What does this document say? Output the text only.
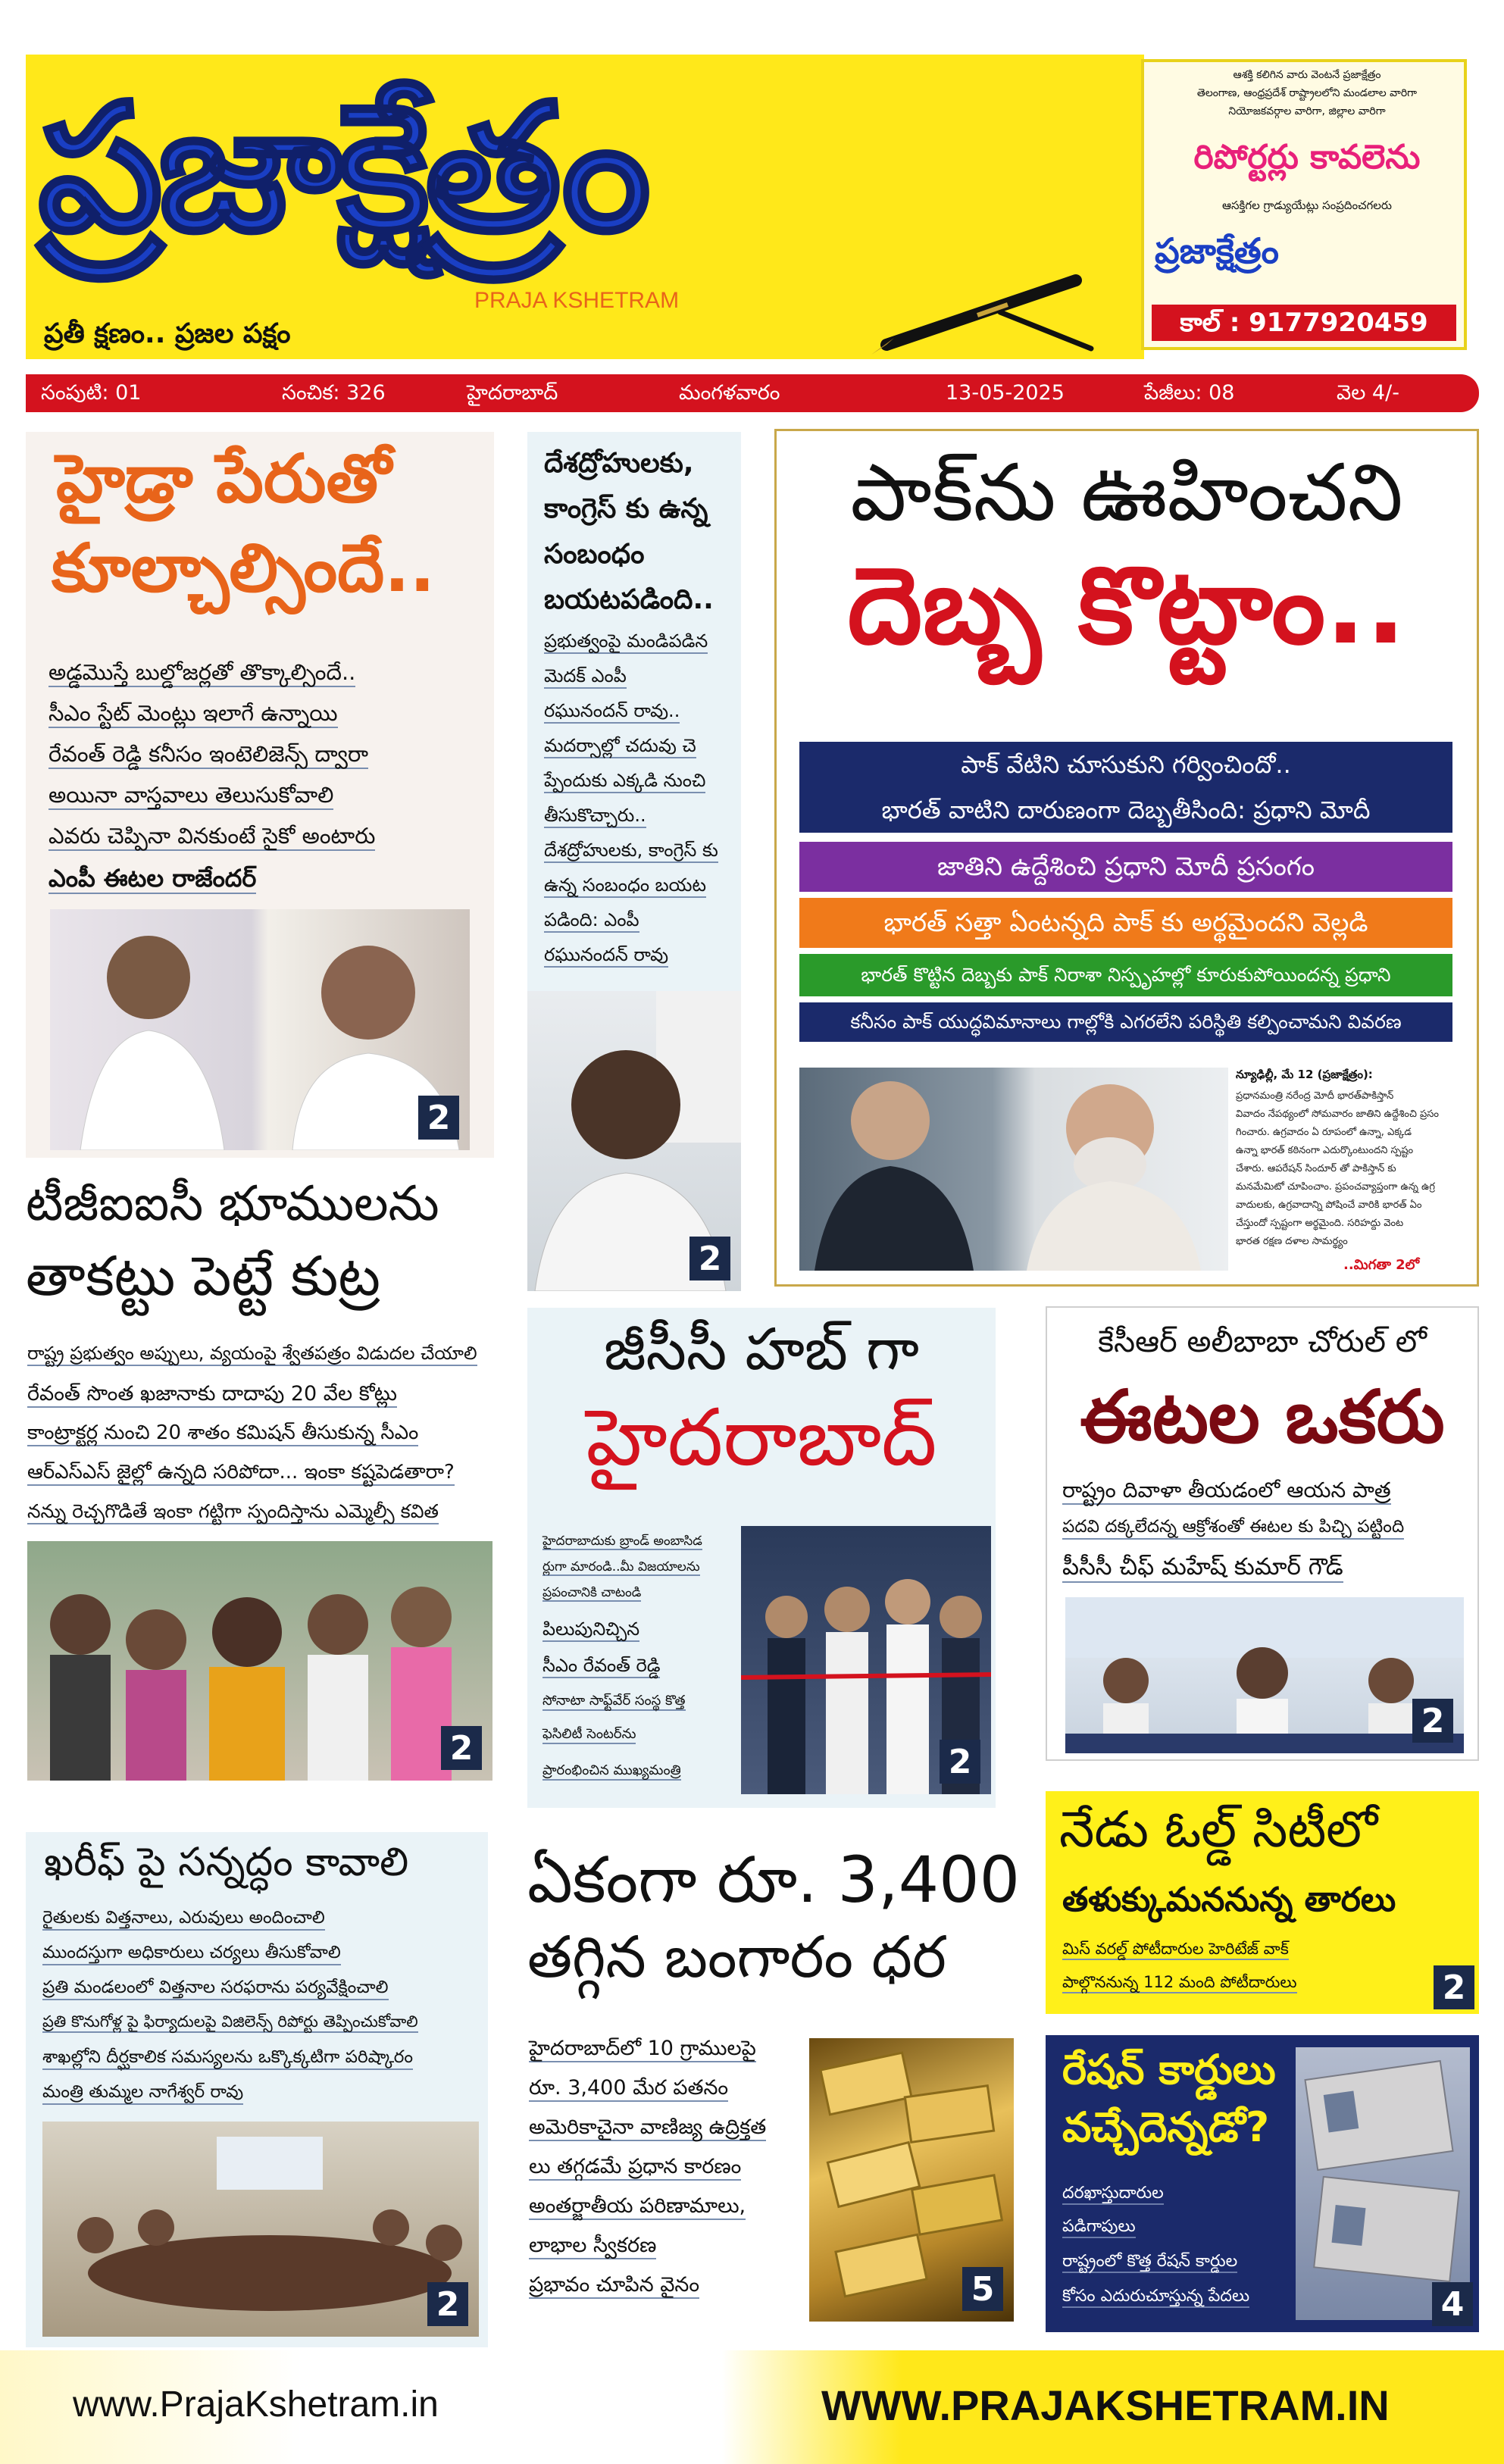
ప్రజాక్షేత్రం
PRAJA KSHETRAM
ప్రతీ క్షణం.. ప్రజల పక్షం
ఆశక్తి కలిగిన వారు వెంటనే ప్రజాక్షేత్రం
తెలంగాణ, ఆంధ్రప్రదేశ్ రాష్ట్రాలలోని మండలాల వారిగా
నియోజకవర్గాల వారిగా, జిల్లాల వారిగా
రిపోర్టర్లు కావలెను
ఆసక్తిగల గ్రాడ్యుయేట్లు సంప్రదించగలరు
ప్రజాక్షేత్రం
కాల్ : 9177920459
సంపుటి: 01	సంచిక: 326	హైదరాబాద్	మంగళవారం	13-05-2025	పేజీలు: 08	వెల 4/-
హైడ్రా పేరుతో
కూల్చాల్సిందే..
అడ్డమొస్తే బుల్డోజర్లతో తొక్కాల్సిందే..
సీఎం స్టేట్ మెంట్లు ఇలాగే ఉన్నాయి
రేవంత్ రెడ్డి కనీసం ఇంటెలిజెన్స్ ద్వారా
అయినా వాస్తవాలు తెలుసుకోవాలి
ఎవరు చెప్పినా వినకుంటే సైకో అంటారు
ఎంపీ ఈటల రాజేందర్
2
దేశద్రోహులకు,
కాంగ్రెస్ కు ఉన్న
సంబంధం
బయటపడింది..
ప్రభుత్వంపై మండిపడిన
మెదక్ ఎంపీ
రఘునందన్ రావు..
మదర్సాల్లో చదువు చె
ప్పేందుకు ఎక్కడి నుంచి
తీసుకొచ్చారు..
దేశద్రోహులకు, కాంగ్రెస్ కు
ఉన్న సంబంధం బయట
పడింది: ఎంపీ
రఘునందన్ రావు
2
పాక్‌ను ఊహించని
దెబ్బ కొట్టాం..
పాక్ వేటిని చూసుకుని గర్వించిందో..
భారత్ వాటిని దారుణంగా దెబ్బతీసింది: ప్రధాని మోదీ
జాతిని ఉద్దేశించి ప్రధాని మోదీ ప్రసంగం
భారత్ సత్తా ఏంటన్నది పాక్ కు అర్థమైందని వెల్లడి
భారత్ కొట్టిన దెబ్బకు పాక్ నిరాశా నిస్పృహల్లో కూరుకుపోయిందన్న ప్రధాని
కనీసం పాక్ యుద్ధవిమానాలు గాల్లోకి ఎగరలేని పరిస్థితి కల్పించామని వివరణ
న్యూఢిల్లీ, మే 12 (ప్రజాక్షేత్రం):
ప్రధానమంత్రి నరేంద్ర మోదీ భారత్‌పాకిస్తాన్
వివాదం నేపథ్యంలో సోమవారం జాతిని ఉద్దేశించి ప్రసం
గించారు. ఉగ్రవాదం ఏ రూపంలో ఉన్నా, ఎక్కడ
ఉన్నా భారత్ కఠినంగా ఎదుర్కొంటుందని స్పష్టం
చేశారు. ఆపరేషన్ సిందూర్ తో పాకిస్తాన్ కు
మనమేమిటో చూపించాం. ప్రపంచవ్యాప్తంగా ఉన్న ఉగ్ర
వాదులకు, ఉగ్రవాదాన్ని పోషించే వారికి భారత్ ఏం
చేస్తుందో స్పష్టంగా అర్థమైంది. సరిహద్దు వెంట
భారత రక్షణ దళాల సామర్థ్యం
..మిగతా 2లో
టీజీఐఐసీ భూములను
తాకట్టు పెట్టే కుట్ర
రాష్ట్ర ప్రభుత్వం అప్పులు, వ్యయంపై శ్వేతపత్రం విడుదల చేయాలి
రేవంత్ సొంత ఖజానాకు దాదాపు 20 వేల కోట్లు
కాంట్రాక్టర్ల నుంచి 20 శాతం కమిషన్ తీసుకున్న సీఎం
ఆర్ఎస్ఎస్ జైల్లో ఉన్నది సరిపోదా... ఇంకా కష్టపెడతారా?
నన్ను రెచ్చగొడితే ఇంకా గట్టిగా స్పందిస్తాను ఎమ్మెల్సీ కవిత
2
జీసీసీ హబ్ గా
హైదరాబాద్
హైదరాబాదుకు బ్రాండ్ అంబాసిడ
ర్లుగా మారండి..మీ విజయాలను
ప్రపంచానికి చాటండి
పిలుపునిచ్చిన
సీఎం రేవంత్ రెడ్డి
సోనాటా సాఫ్ట్‌వేర్ సంస్థ కొత్త
ఫెసిలిటీ సెంటర్‌ను
ప్రారంభించిన ముఖ్యమంత్రి	2
కేసీఆర్ అలీబాబా చోరుల్ లో
ఈటల ఒకరు
రాష్ట్రం దివాళా తీయడంలో ఆయన పాత్ర
పదవి దక్కలేదన్న ఆక్రోశంతో ఈటల కు పిచ్చి పట్టింది
పీసీసీ చీఫ్ మహేష్ కుమార్ గౌడ్
2
ఖరీఫ్ పై సన్నద్ధం కావాలి
రైతులకు విత్తనాలు, ఎరువులు అందించాలి
ముందస్తుగా అధికారులు చర్యలు తీసుకోవాలి
ప్రతి మండలంలో విత్తనాల సరఫరాను పర్యవేక్షించాలి
ప్రతి కొనుగోళ్ల పై ఫిర్యాదులపై విజిలెన్స్ రిపోర్టు తెప్పించుకోవాలి
శాఖల్లోని దీర్ఘకాలిక సమస్యలను ఒక్కొక్కటిగా పరిష్కారం
మంత్రి తుమ్మల నాగేశ్వర్ రావు
2
ఏకంగా రూ. 3,400
తగ్గిన బంగారం ధర
హైదరాబాద్‌లో 10 గ్రాములపై
రూ. 3,400 మేర పతనం
అమెరికాచైనా వాణిజ్య ఉద్రిక్తత
లు తగ్గడమే ప్రధాన కారణం
అంతర్జాతీయ పరిణామాలు,
లాభాల స్వీకరణ
ప్రభావం చూపిన వైనం	5
నేడు ఓల్డ్ సిటీలో
తళుక్కుమననున్న తారలు
మిస్ వరల్డ్ పోటీదారుల హెరిటేజ్ వాక్
పాల్గొననున్న 112 మంది పోటీదారులు	2
రేషన్ కార్డులు
వచ్చేదెన్నడో?
దరఖాస్తుదారుల
పడిగాపులు
రాష్ట్రంలో కొత్త రేషన్ కార్డుల
కోసం ఎదురుచూస్తున్న పేదలు	4
www.PrajaKshetram.in	WWW.PRAJAKSHETRAM.IN
